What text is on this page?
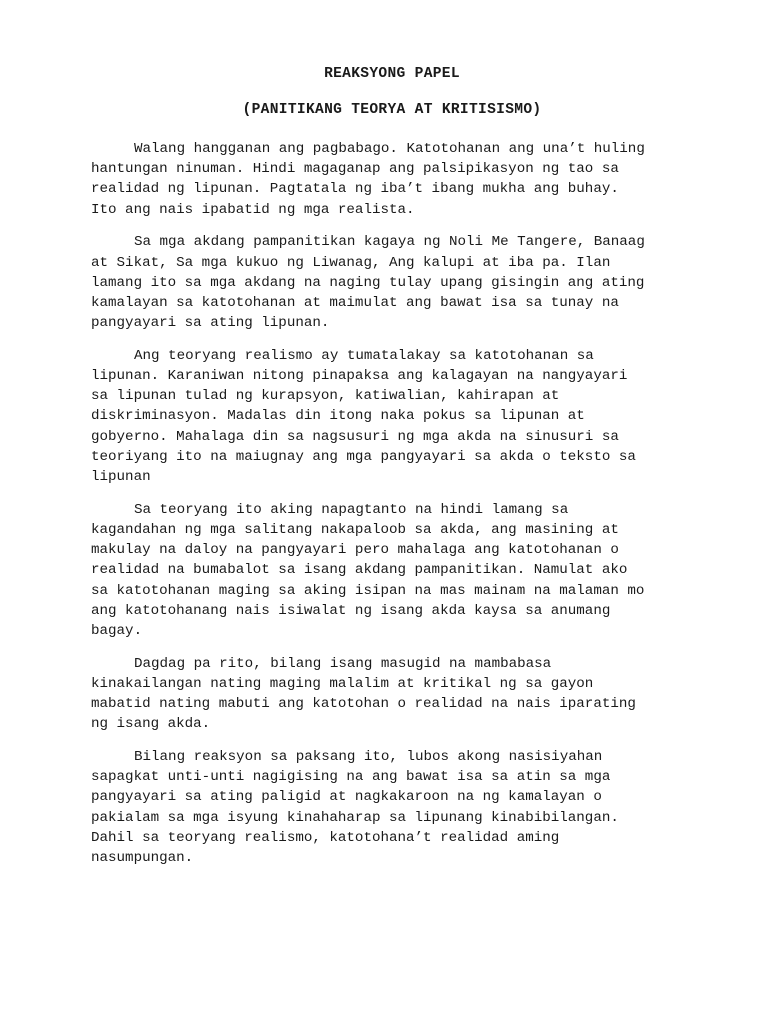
REAKSYONG PAPEL
(PANITIKANG TEORYA AT KRITISISMO)
Walang hangganan ang pagbabago. Katotohanan ang una’t huling
hantungan ninuman. Hindi magaganap ang palsipikasyon ng tao sa
realidad ng lipunan. Pagtatala ng iba’t ibang mukha ang buhay.
Ito ang nais ipabatid ng mga realista.
Sa mga akdang pampanitikan kagaya ng Noli Me Tangere, Banaag
at Sikat, Sa mga kukuo ng Liwanag, Ang kalupi at iba pa. Ilan
lamang ito sa mga akdang na naging tulay upang gisingin ang ating
kamalayan sa katotohanan at maimulat ang bawat isa sa tunay na
pangyayari sa ating lipunan.
Ang teoryang realismo ay tumatalakay sa katotohanan sa
lipunan. Karaniwan nitong pinapaksa ang kalagayan na nangyayari
sa lipunan tulad ng kurapsyon, katiwalian, kahirapan at
diskriminasyon. Madalas din itong naka pokus sa lipunan at
gobyerno. Mahalaga din sa nagsusuri ng mga akda na sinusuri sa
teoriyang ito na maiugnay ang mga pangyayari sa akda o teksto sa
lipunan
Sa teoryang ito aking napagtanto na hindi lamang sa
kagandahan ng mga salitang nakapaloob sa akda, ang masining at
makulay na daloy na pangyayari pero mahalaga ang katotohanan o
realidad na bumabalot sa isang akdang pampanitikan. Namulat ako
sa katotohanan maging sa aking isipan na mas mainam na malaman mo
ang katotohanang nais isiwalat ng isang akda kaysa sa anumang
bagay.
Dagdag pa rito, bilang isang masugid na mambabasa
kinakailangan nating maging malalim at kritikal ng sa gayon
mabatid nating mabuti ang katotohan o realidad na nais iparating
ng isang akda.
Bilang reaksyon sa paksang ito, lubos akong nasisiyahan
sapagkat unti-unti nagigising na ang bawat isa sa atin sa mga
pangyayari sa ating paligid at nagkakaroon na ng kamalayan o
pakialam sa mga isyung kinahaharap sa lipunang kinabibilangan.
Dahil sa teoryang realismo, katotohana’t realidad aming
nasumpungan.
